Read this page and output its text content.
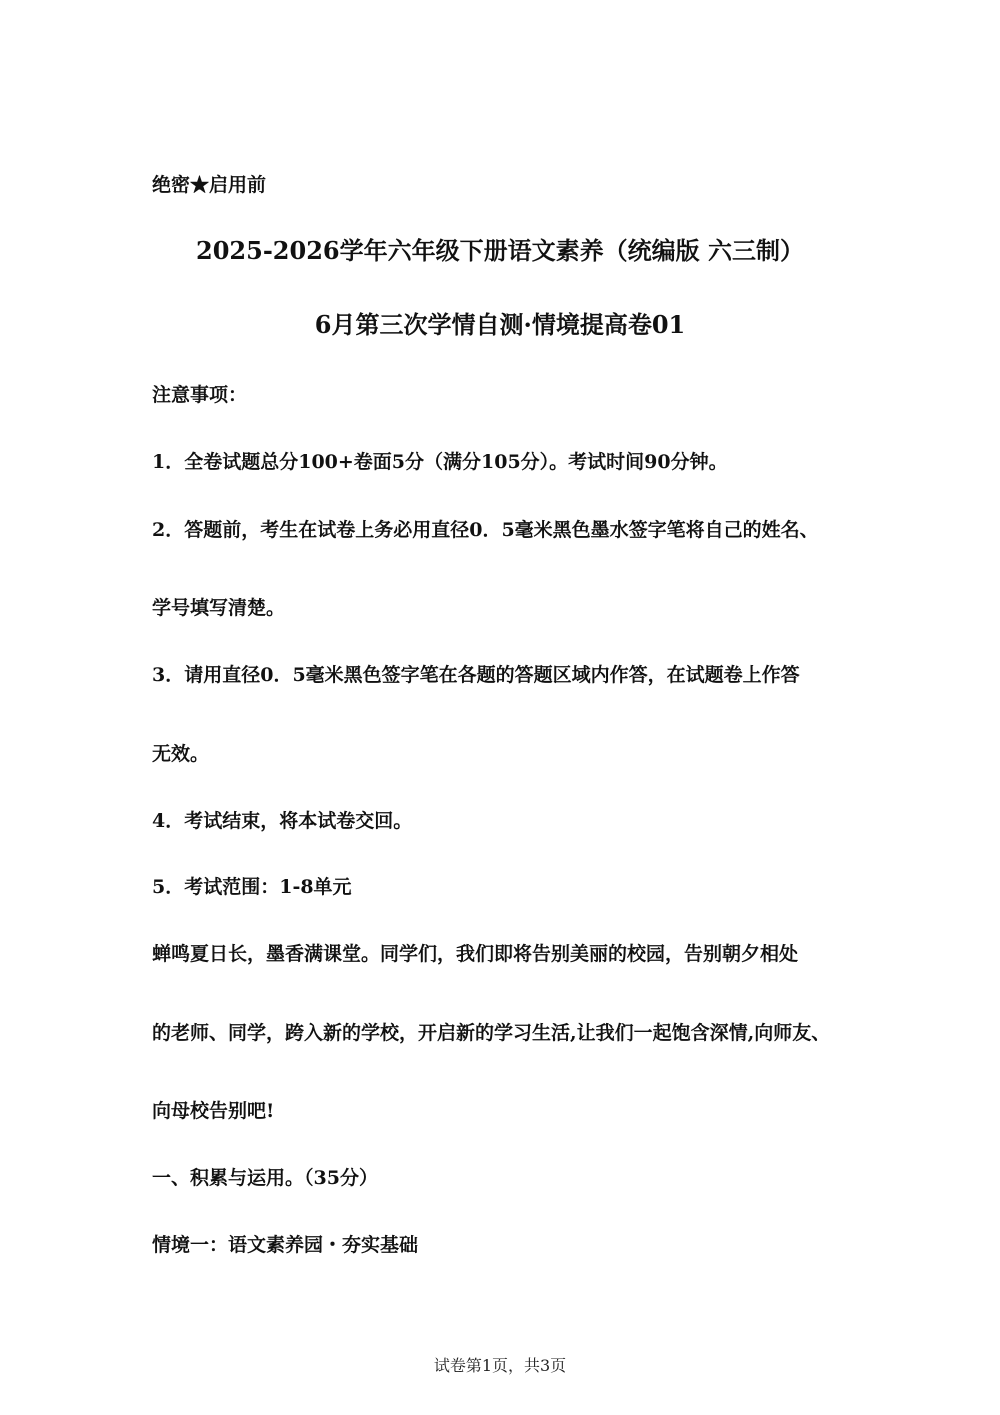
绝密★启用前
2025-2026学年六年级下册语文素养（统编版 六三制）
6月第三次学情自测·情境提高卷01
注意事项：
1．全卷试题总分100+卷面5分（满分105分）。考试时间90分钟。
2．答题前，考生在试卷上务必用直径0．5毫米黑色墨水签字笔将自己的姓名、
学号填写清楚。
3．请用直径0．5毫米黑色签字笔在各题的答题区域内作答，在试题卷上作答
无效。
4．考试结束，将本试卷交回。
5．考试范围：1-8单元
蝉鸣夏日长，墨香满课堂。同学们，我们即将告别美丽的校园，告别朝夕相处
的老师、同学，跨入新的学校，开启新的学习生活,让我们一起饱含深情,向师友、
向母校告别吧!
一、积累与运用。（35分）
情境一：语文素养园・夯实基础
试卷第1页，共3页
